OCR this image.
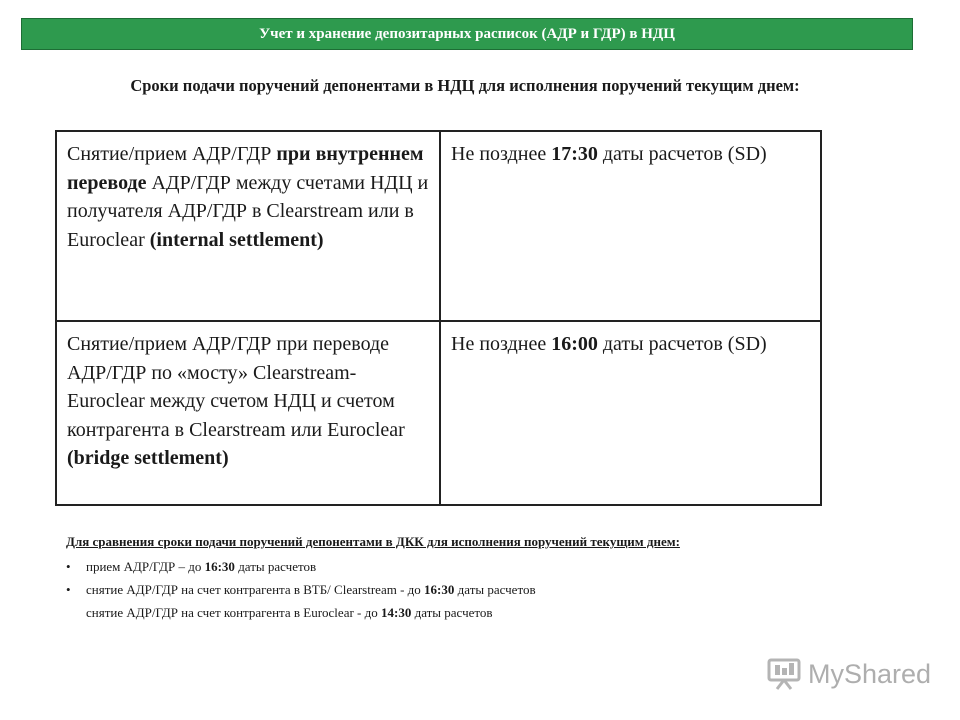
Учет и хранение депозитарных расписок (АДР и ГДР) в НДЦ
Сроки подачи поручений депонентами в НДЦ для исполнения поручений текущим днем:
Снятие/прием АДР/ГДР при внутреннем переводе АДР/ГДР между счетами НДЦ и получателя АДР/ГДР в Clearstream или в Euroclear (internal settlement)	Не позднее 17:30 даты расчетов (SD)
Снятие/прием АДР/ГДР при переводе АДР/ГДР по «мосту» Clearstream- Euroclear между счетом НДЦ и счетом контрагента в Clearstream или Euroclear (bridge settlement)	Не позднее 16:00 даты расчетов (SD)
Для сравнения сроки подачи поручений депонентами в ДКК для исполнения поручений текущим днем:
• прием АДР/ГДР – до 16:30 даты расчетов
• снятие АДР/ГДР на счет контрагента в ВТБ/ Clearstream - до 16:30 даты расчетов
снятие АДР/ГДР на счет контрагента в Euroclear - до 14:30 даты расчетов
MyShared
